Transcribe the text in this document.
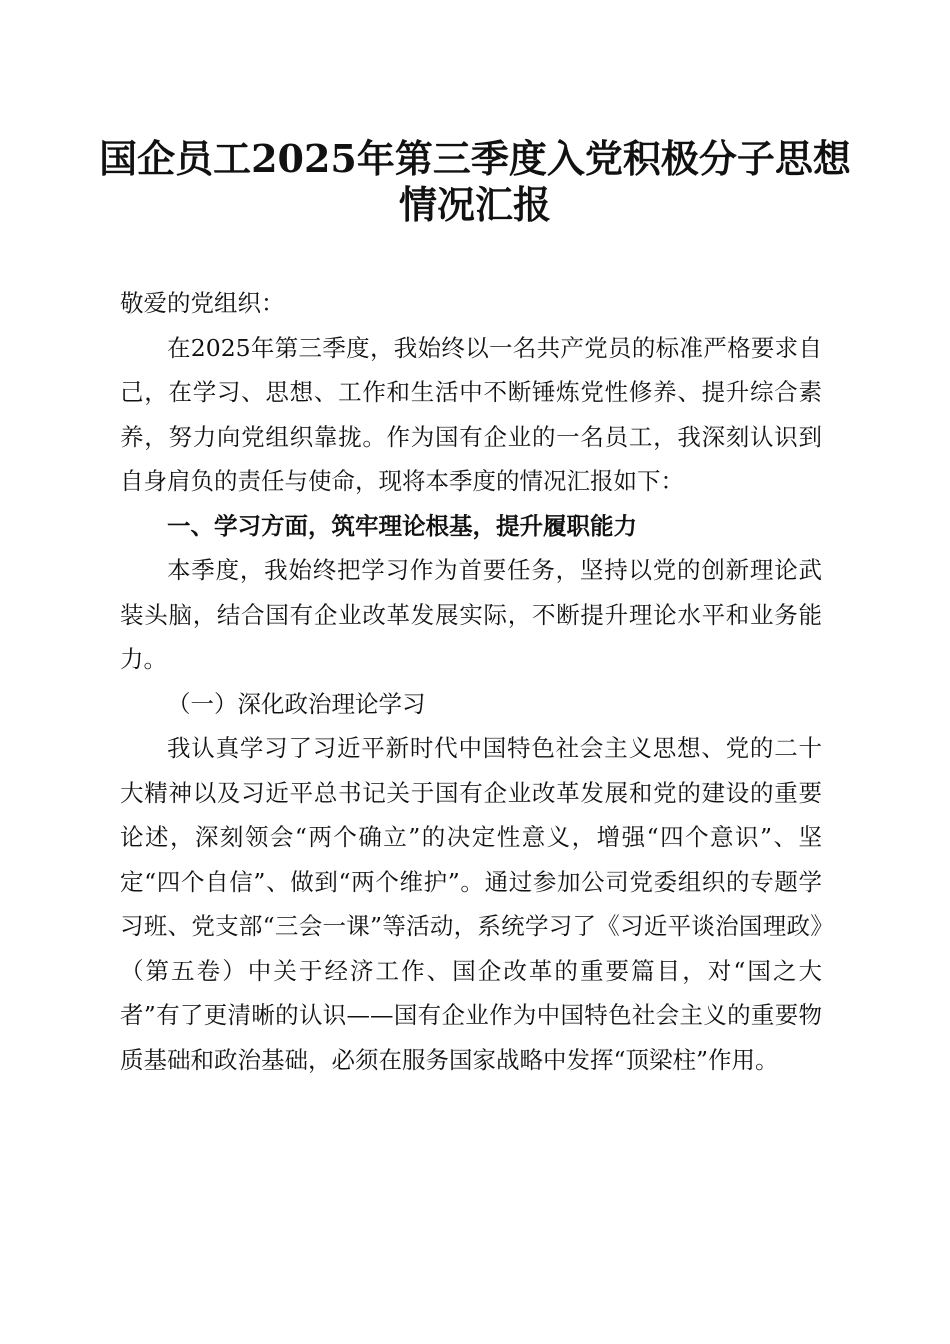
国企员工2025年第三季度入党积极分子思想
情况汇报

敬爱的党组织：

在2025年第三季度，我始终以一名共产党员的标准严格要求自己，在学习、思想、工作和生活中不断锤炼党性修养、提升综合素养，努力向党组织靠拢。作为国有企业的一名员工，我深刻认识到自身肩负的责任与使命，现将本季度的情况汇报如下：

一、学习方面，筑牢理论根基，提升履职能力

本季度，我始终把学习作为首要任务，坚持以党的创新理论武装头脑，结合国有企业改革发展实际，不断提升理论水平和业务能力。

（一）深化政治理论学习

我认真学习了习近平新时代中国特色社会主义思想、党的二十大精神以及习近平总书记关于国有企业改革发展和党的建设的重要论述，深刻领会“两个确立”的决定性意义，增强“四个意识”、坚定“四个自信”、做到“两个维护”。通过参加公司党委组织的专题学习班、党支部“三会一课”等活动，系统学习了《习近平谈治国理政》（第五卷）中关于经济工作、国企改革的重要篇目，对“国之大者”有了更清晰的认识——国有企业作为中国特色社会主义的重要物质基础和政治基础，必须在服务国家战略中发挥“顶梁柱”作用。
